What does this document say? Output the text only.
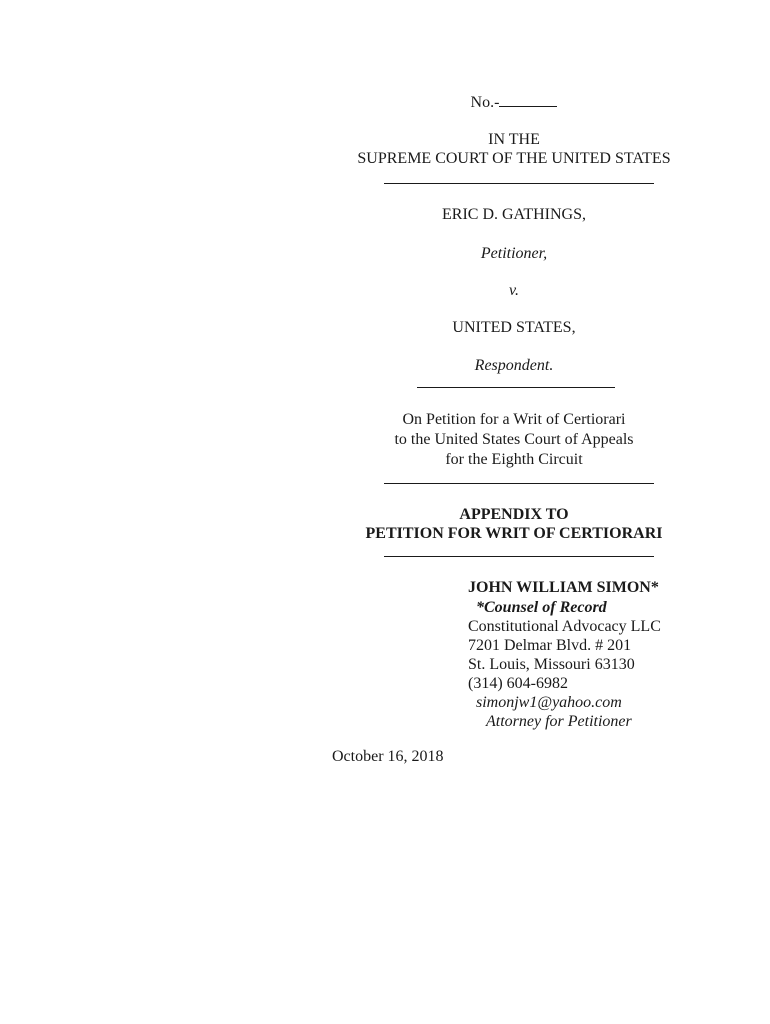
No.-
IN THE
SUPREME COURT OF THE UNITED STATES
ERIC D. GATHINGS,
Petitioner,
v.
UNITED STATES,
Respondent.
On Petition for a Writ of Certiorari
to the United States Court of Appeals
for the Eighth Circuit
APPENDIX TO
PETITION FOR WRIT OF CERTIORARI
JOHN WILLIAM SIMON*
*Counsel of Record
Constitutional Advocacy LLC
7201 Delmar Blvd. # 201
St. Louis, Missouri 63130
(314) 604-6982
simonjw1@yahoo.com
Attorney for Petitioner
October 16, 2018
